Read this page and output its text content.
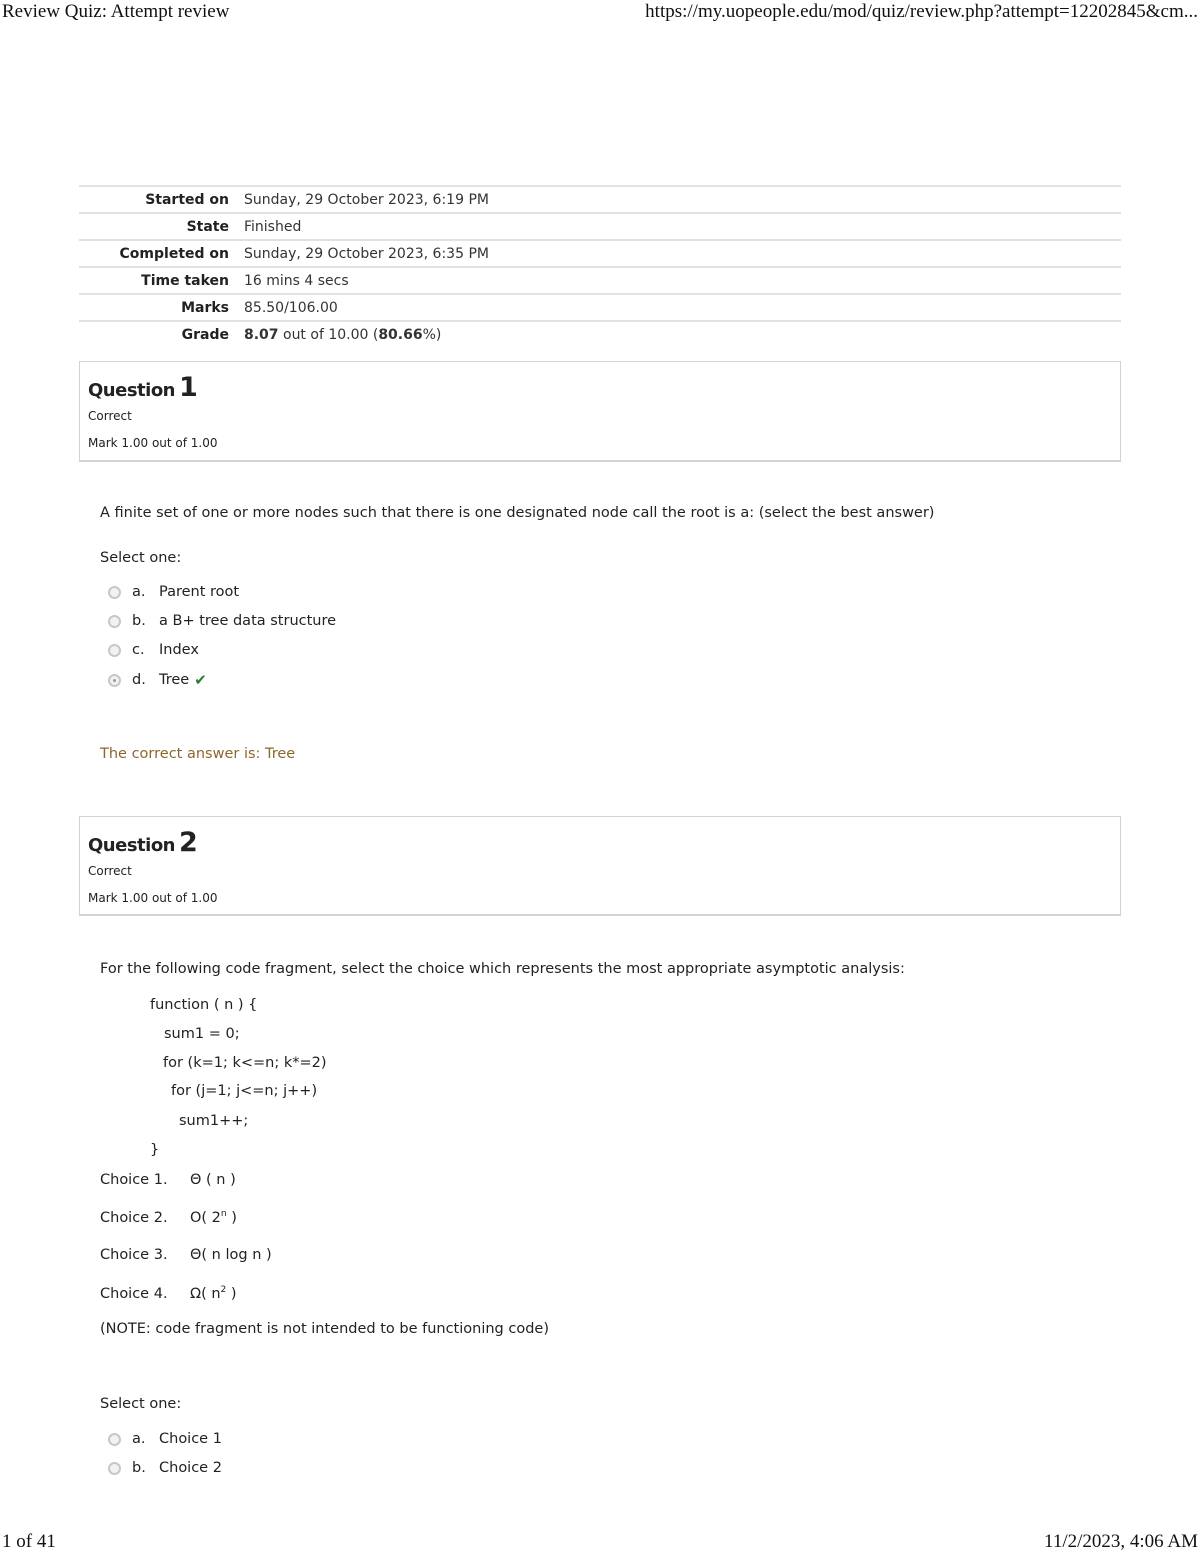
Review Quiz: Attempt review	https://my.uopeople.edu/mod/quiz/review.php?attempt=12202845&cm...
Started on	Sunday, 29 October 2023, 6:19 PM
State	Finished
Completed on	Sunday, 29 October 2023, 6:35 PM
Time taken	16 mins 4 secs
Marks	85.50/106.00
Grade	8.07 out of 10.00 (80.66%)
Question 1
Correct
Mark 1.00 out of 1.00
A finite set of one or more nodes such that there is one designated node call the root is a: (select the best answer)
Select one:
a. Parent root
b. a B+ tree data structure
c. Index
d. Tree ✔
The correct answer is: Tree
Question 2
Correct
Mark 1.00 out of 1.00
For the following code fragment, select the choice which represents the most appropriate asymptotic analysis:
function ( n ) {
sum1 = 0;
for (k=1; k<=n; k*=2)
for (j=1; j<=n; j++)
sum1++;
}
Choice 1. Θ ( n )
Choice 2. O( 2$^n$ )
Choice 3. Θ( n log n )
Choice 4. Ω( $n^2$ )
(NOTE: code fragment is not intended to be functioning code)
Select one:
a. Choice 1
b. Choice 2
1 of 41	11/2/2023, 4:06 AM
